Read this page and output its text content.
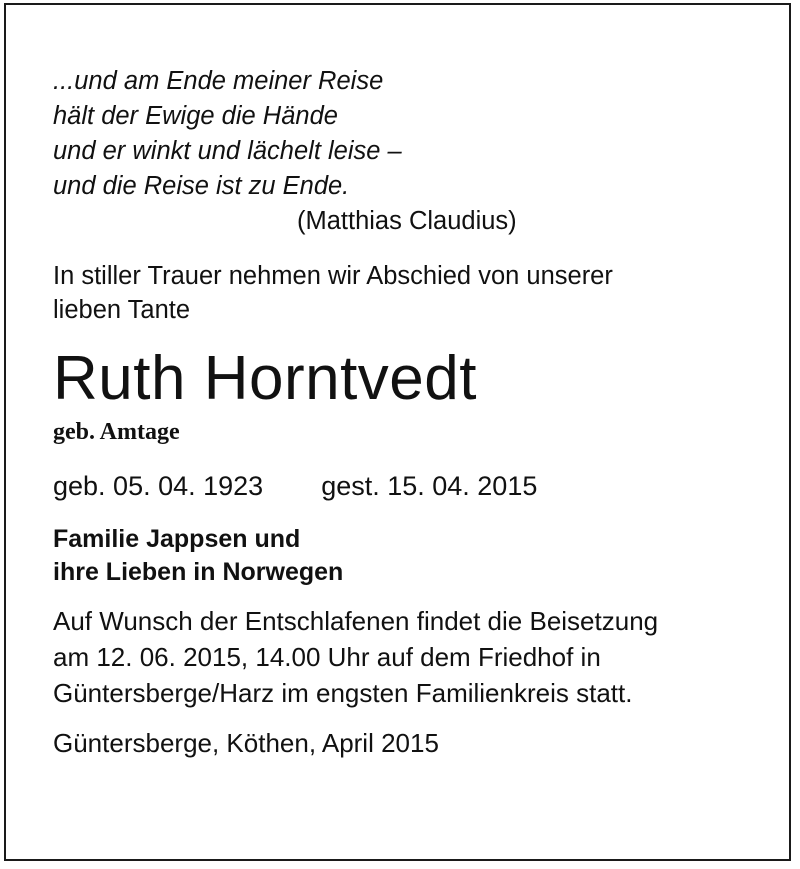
...und am Ende meiner Reise
hält der Ewige die Hände
und er winkt und lächelt leise –
und die Reise ist zu Ende.
(Matthias Claudius)
In stiller Trauer nehmen wir Abschied von unserer
lieben Tante
Ruth Horntvedt
geb. Amtage
geb. 05. 04. 1923 gest. 15. 04. 2015
Familie Jappsen und
ihre Lieben in Norwegen
Auf Wunsch der Entschlafenen findet die Beisetzung
am 12. 06. 2015, 14.00 Uhr auf dem Friedhof in
Güntersberge/Harz im engsten Familienkreis statt.
Güntersberge, Köthen, April 2015
